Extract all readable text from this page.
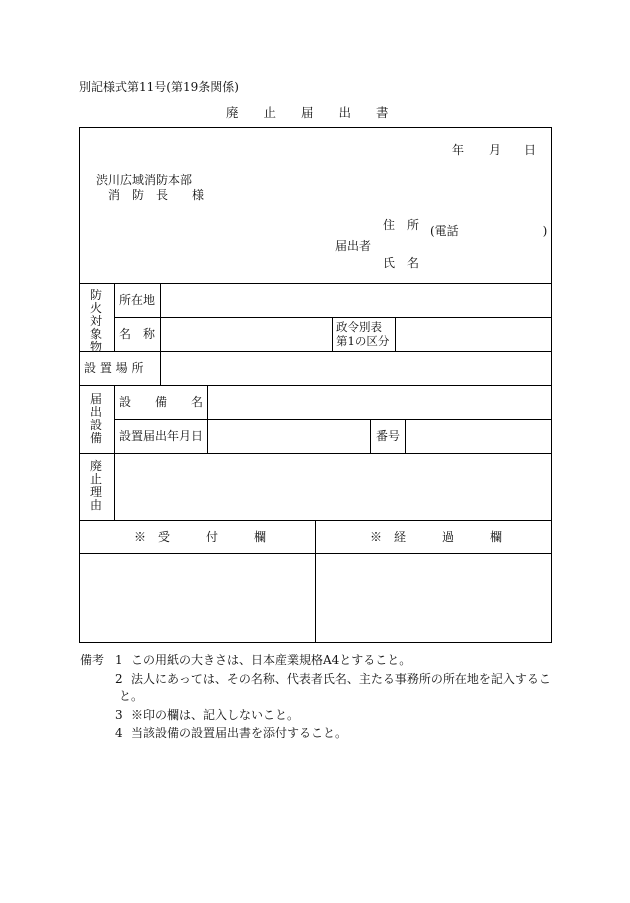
別記様式第11号(第19条関係)
廃　　止　　届　　出　　書
年 月 日
渋川広域消防本部
消　防　長　　様
住　所 (電話　　　　　　　)
届出者
氏　名
防火対象物
所在地
名　称	政令別表
第1の区分
設 置 場 所
届出設備
設　　備　　名
設置届出年月日	番号
廃止理由
※　受　　　付　　　欄	※　経　　　過　　　欄
備考 1 この用紙の大きさは、日本産業規格A4とすること。
2 法人にあっては、その名称、代表者氏名、主たる事務所の所在地を記入するこ
と。
3 ※印の欄は、記入しないこと。
4 当該設備の設置届出書を添付すること。
